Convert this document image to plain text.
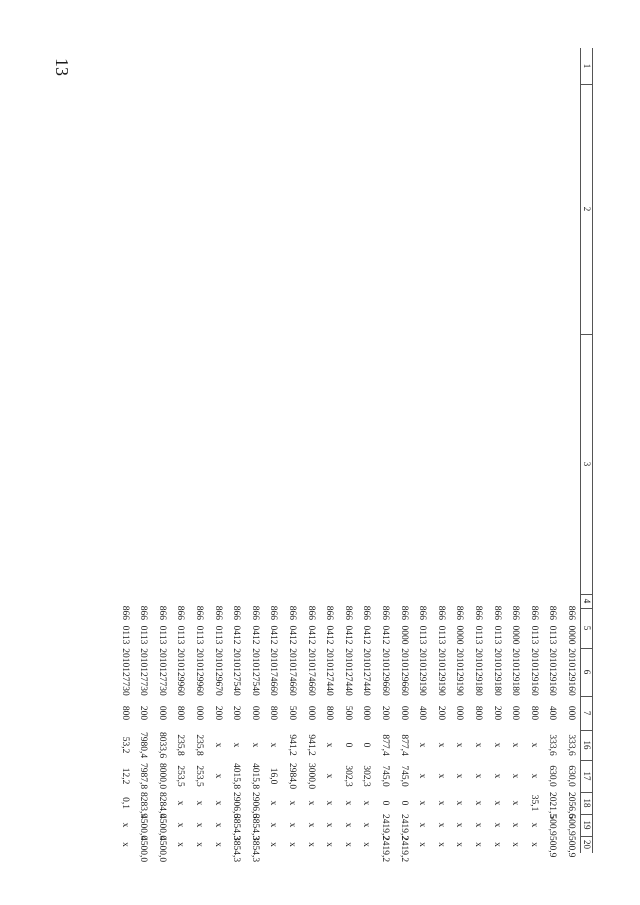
13	1
2
3
4
5
6
7
16
17
18
19
20
866
0000
2010129160
000
333,6
630,0
2056,6
500,9
500,9
866
0113
2010129160
400
333,6
630,0
2021,5
500,9
500,9
866
0113
2010129160
800
x
x
35,1
x
x
866
0000
2010129180
000
x
x
x
x
x
866
0113
2010129180
200
x
x
x
x
x
866
0113
2010129180
800
x
x
x
x
x
866
0000
2010129190
000
x
x
x
x
x
866
0113
2010129190
200
x
x
x
x
x
866
0113
2010129190
400
x
x
x
x
x
866
0000
2010129660
000
877,4
745,0
0
2419,2
2419,2
866
0412
2010129660
200
877,4
745,0
0
2419,2
2419,2
866
0412
2010127440
000
0
302,3
x
x
x
866
0412
2010127440
500
0
302,3
x
x
x
866
0412
2010127440
800
x
x
x
x
x
866
0412
2010174660
000
941,2
3000,0
x
x
x
866
0412
2010174660
500
941,2
2984,0
x
x
x
866
0412
2010174660
800
x
16,0
x
x
x
866
0412
2010127540
000
x
4015,8
2906,6
3854,3
3854,3
866
0412
2010127540
200
x
4015,8
2906,6
3854,3
3854,3
866
0113
2010129670
200
x
x
x
x
x
866
0113
2010129960
000
235,8
253,5
x
x
x
866
0113
2010129960
800
235,8
253,5
x
x
x
866
0113
2010127730
000
8033,6
8000,0
8284,0
4500,0
4500,0
866
0113
2010127730
200
7980,4
7987,8
8283,9
4500,0
4500,0
866
0113
2010127730
800
53,2
12,2
0,1
x
x
